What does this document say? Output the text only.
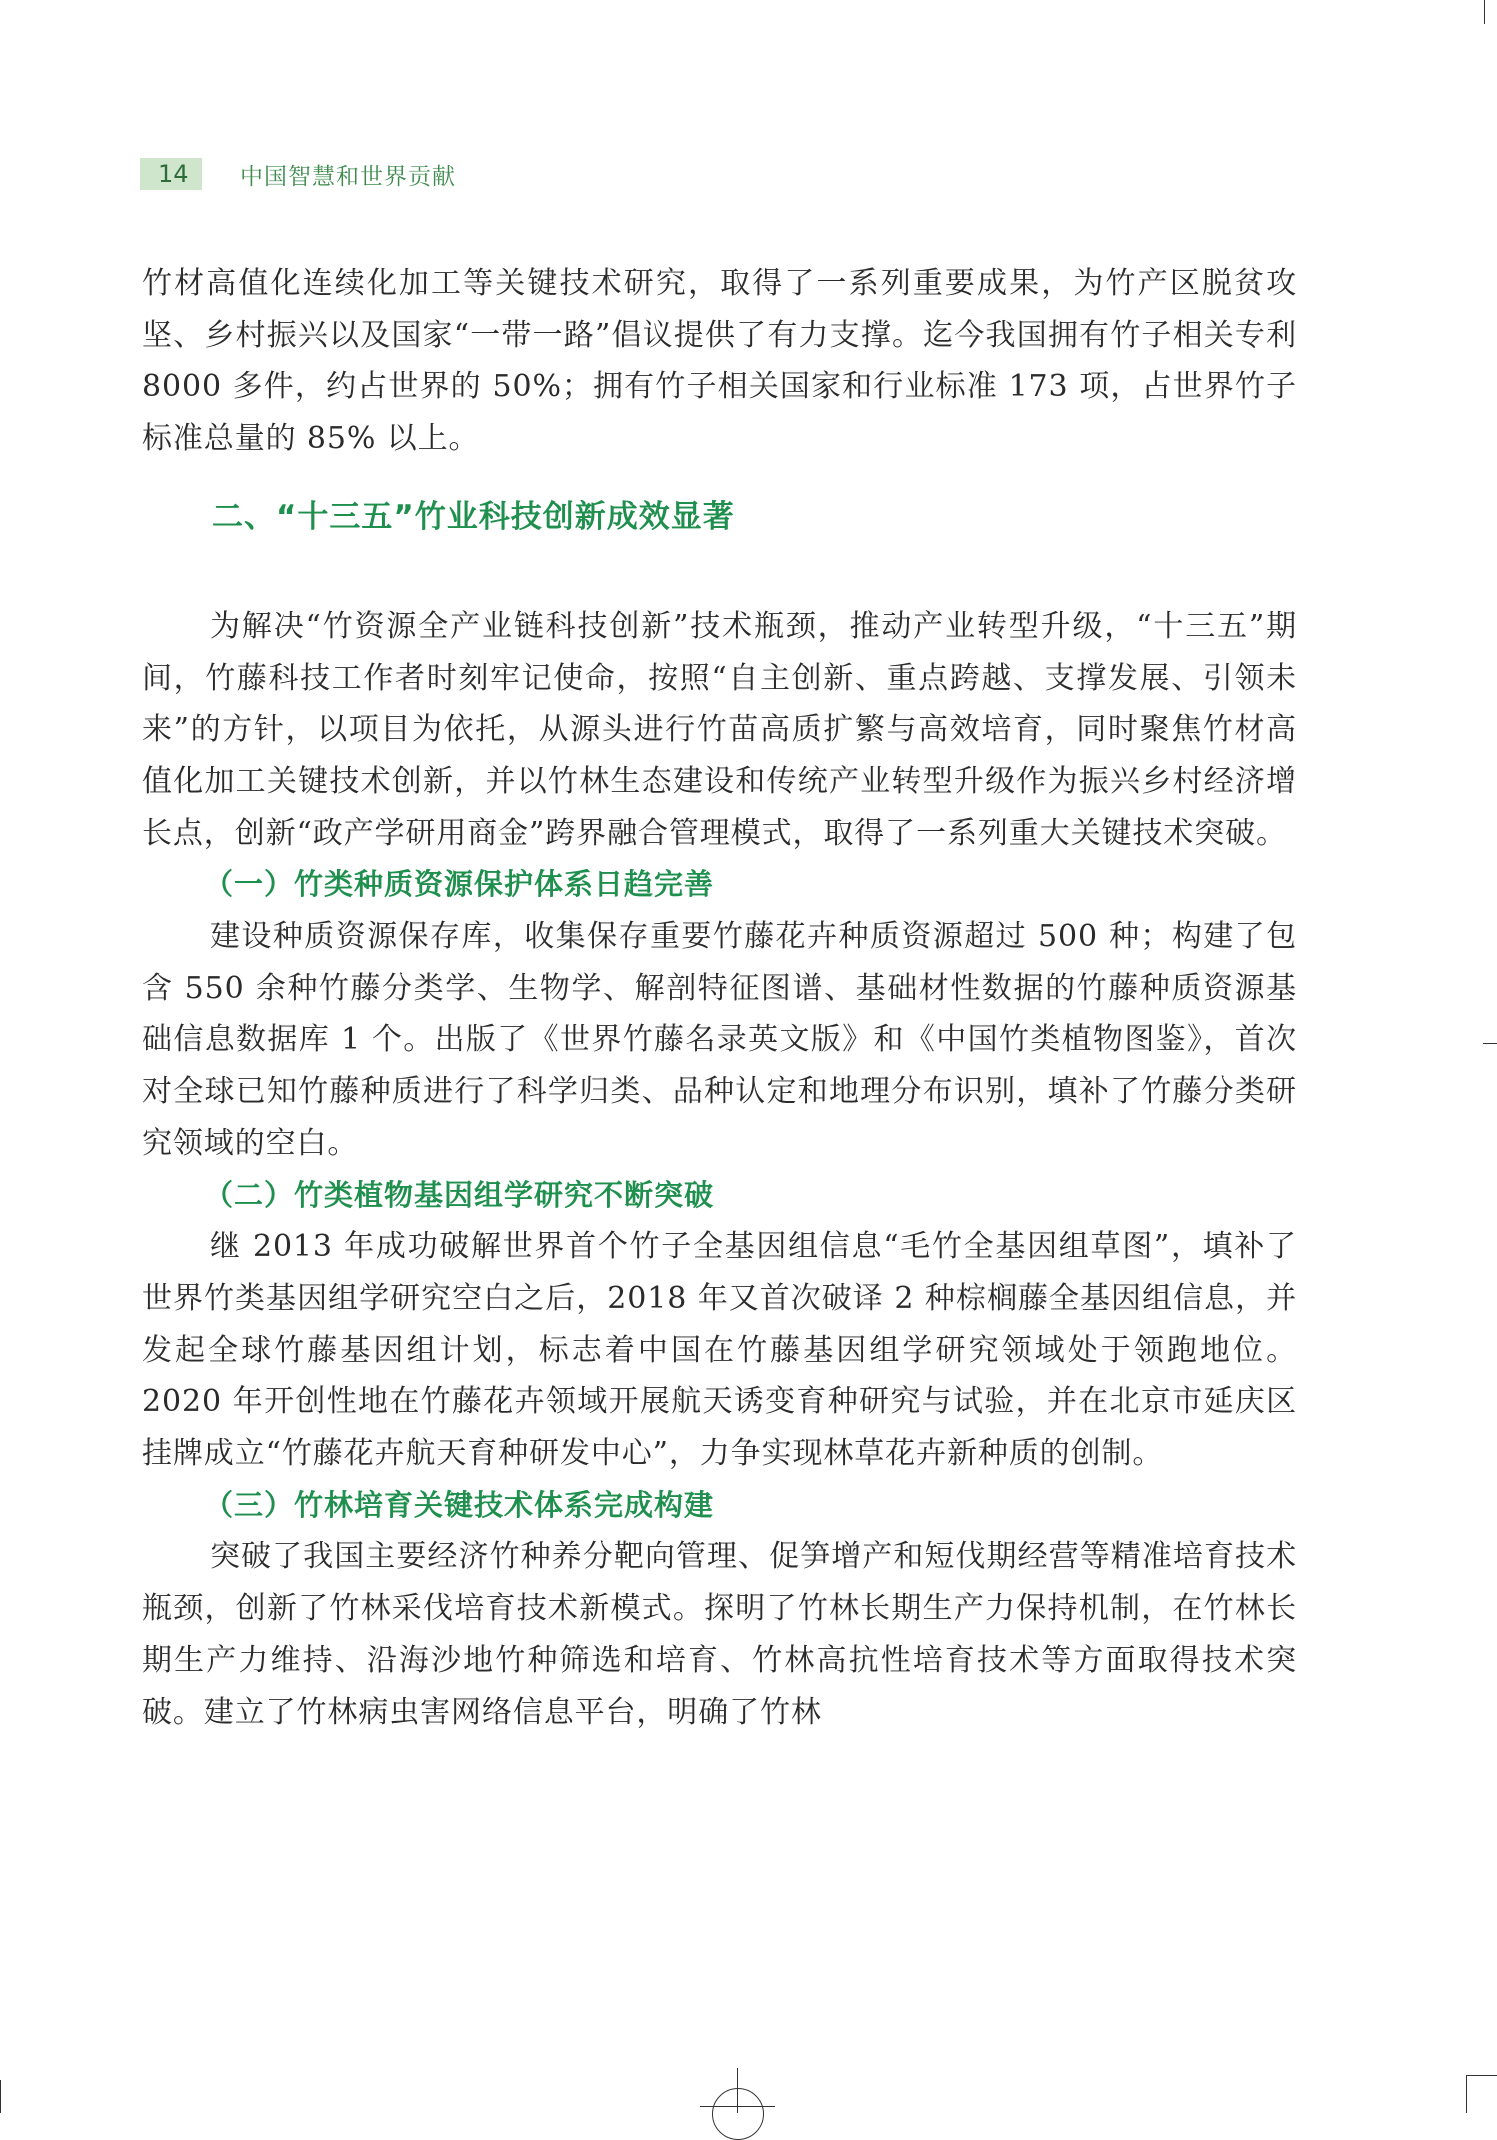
14	中国智慧和世界贡献

竹材高值化连续化加工等关键技术研究，取得了一系列重要成果，为竹产区脱贫攻坚、乡村振兴以及国家“一带一路”倡议提供了有力支撑。迄今我国拥有竹子相关专利 8000 多件，约占世界的 50%；拥有竹子相关国家和行业标准 173 项，占世界竹子标准总量的 85% 以上。

二、“十三五”竹业科技创新成效显著

为解决“竹资源全产业链科技创新”技术瓶颈，推动产业转型升级，“十三五”期间，竹藤科技工作者时刻牢记使命，按照“自主创新、重点跨越、支撑发展、引领未来”的方针，以项目为依托，从源头进行竹苗高质扩繁与高效培育，同时聚焦竹材高值化加工关键技术创新，并以竹林生态建设和传统产业转型升级作为振兴乡村经济增长点，创新“政产学研用商金”跨界融合管理模式，取得了一系列重大关键技术突破。

（一）竹类种质资源保护体系日趋完善

建设种质资源保存库，收集保存重要竹藤花卉种质资源超过 500 种；构建了包含 550 余种竹藤分类学、生物学、解剖特征图谱、基础材性数据的竹藤种质资源基础信息数据库 1 个。出版了《世界竹藤名录英文版》和《中国竹类植物图鉴》，首次对全球已知竹藤种质进行了科学归类、品种认定和地理分布识别，填补了竹藤分类研究领域的空白。

（二）竹类植物基因组学研究不断突破

继 2013 年成功破解世界首个竹子全基因组信息“毛竹全基因组草图”，填补了世界竹类基因组学研究空白之后，2018 年又首次破译 2 种棕榈藤全基因组信息，并发起全球竹藤基因组计划，标志着中国在竹藤基因组学研究领域处于领跑地位。2020 年开创性地在竹藤花卉领域开展航天诱变育种研究与试验，并在北京市延庆区挂牌成立“竹藤花卉航天育种研发中心”，力争实现林草花卉新种质的创制。

（三）竹林培育关键技术体系完成构建

突破了我国主要经济竹种养分靶向管理、促笋增产和短伐期经营等精准培育技术瓶颈，创新了竹林采伐培育技术新模式。探明了竹林长期生产力保持机制，在竹林长期生产力维持、沿海沙地竹种筛选和培育、竹林高抗性培育技术等方面取得技术突破。建立了竹林病虫害网络信息平台，明确了竹林
